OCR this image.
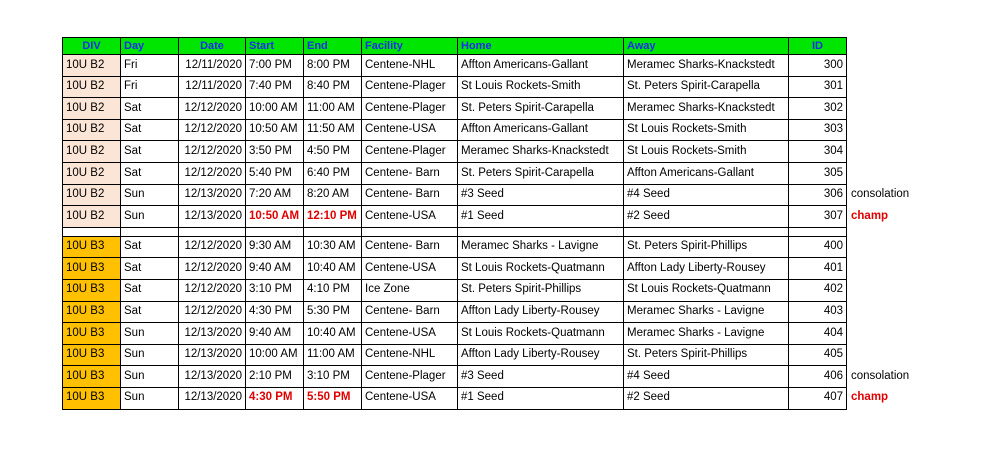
DIV	Day	Date	Start	End	Facility	Home	Away	ID	
10U B2	Fri	12/11/2020	7:00 PM	8:00 PM	Centene-NHL	Affton Americans-Gallant	Meramec Sharks-Knackstedt	300	
10U B2	Fri	12/11/2020	7:40 PM	8:40 PM	Centene-Plager	St Louis Rockets-Smith	St. Peters Spirit-Carapella	301	
10U B2	Sat	12/12/2020	10:00 AM	11:00 AM	Centene-Plager	St. Peters Spirit-Carapella	Meramec Sharks-Knackstedt	302	
10U B2	Sat	12/12/2020	10:50 AM	11:50 AM	Centene-USA	Affton Americans-Gallant	St Louis Rockets-Smith	303	
10U B2	Sat	12/12/2020	3:50 PM	4:50 PM	Centene-Plager	Meramec Sharks-Knackstedt	St Louis Rockets-Smith	304	
10U B2	Sat	12/12/2020	5:40 PM	6:40 PM	Centene- Barn	St. Peters Spirit-Carapella	Affton Americans-Gallant	305	
10U B2	Sun	12/13/2020	7:20 AM	8:20 AM	Centene- Barn	#3 Seed	#4 Seed	306	consolation
10U B2	Sun	12/13/2020	10:50 AM	12:10 PM	Centene-USA	#1 Seed	#2 Seed	307	champ

10U B3	Sat	12/12/2020	9:30 AM	10:30 AM	Centene- Barn	Meramec Sharks - Lavigne	St. Peters Spirit-Phillips	400	
10U B3	Sat	12/12/2020	9:40 AM	10:40 AM	Centene-USA	St Louis Rockets-Quatmann	Affton Lady Liberty-Rousey	401	
10U B3	Sat	12/12/2020	3:10 PM	4:10 PM	Ice Zone	St. Peters Spirit-Phillips	St Louis Rockets-Quatmann	402	
10U B3	Sat	12/12/2020	4:30 PM	5:30 PM	Centene- Barn	Affton Lady Liberty-Rousey	Meramec Sharks - Lavigne	403	
10U B3	Sun	12/13/2020	9:40 AM	10:40 AM	Centene-USA	St Louis Rockets-Quatmann	Meramec Sharks - Lavigne	404	
10U B3	Sun	12/13/2020	10:00 AM	11:00 AM	Centene-NHL	Affton Lady Liberty-Rousey	St. Peters Spirit-Phillips	405	
10U B3	Sun	12/13/2020	2:10 PM	3:10 PM	Centene-Plager	#3 Seed	#4 Seed	406	consolation
10U B3	Sun	12/13/2020	4:30 PM	5:50 PM	Centene-USA	#1 Seed	#2 Seed	407	champ
